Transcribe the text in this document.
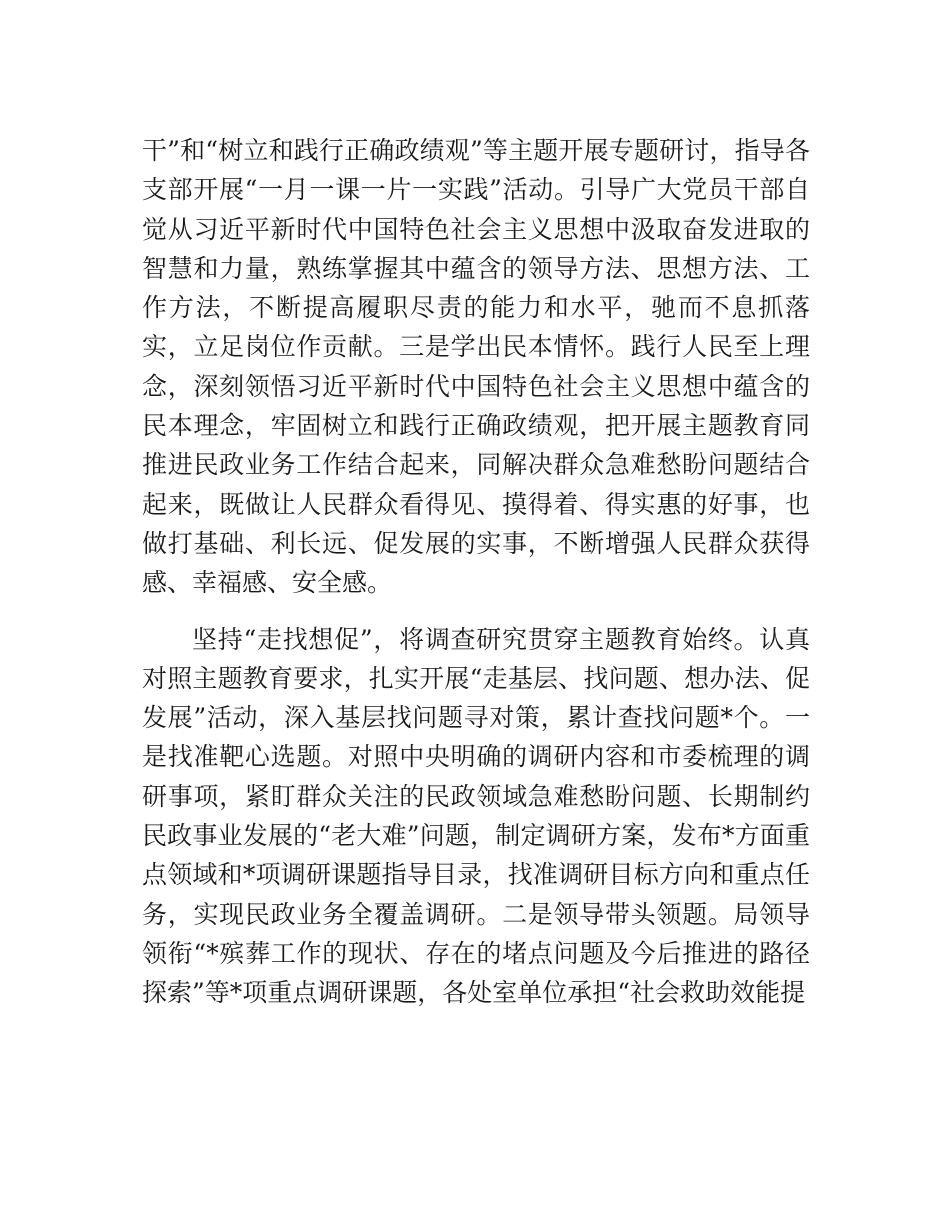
干”和“树立和践行正确政绩观”等主题开展专题研讨，指导各支部开展“一月一课一片一实践”活动。引导广大党员干部自觉从习近平新时代中国特色社会主义思想中汲取奋发进取的智慧和力量，熟练掌握其中蕴含的领导方法、思想方法、工作方法，不断提高履职尽责的能力和水平，驰而不息抓落实，立足岗位作贡献。三是学出民本情怀。践行人民至上理念，深刻领悟习近平新时代中国特色社会主义思想中蕴含的民本理念，牢固树立和践行正确政绩观，把开展主题教育同推进民政业务工作结合起来，同解决群众急难愁盼问题结合起来，既做让人民群众看得见、摸得着、得实惠的好事，也做打基础、利长远、促发展的实事，不断增强人民群众获得感、幸福感、安全感。

坚持“走找想促”，将调查研究贯穿主题教育始终。认真对照主题教育要求，扎实开展“走基层、找问题、想办法、促发展”活动，深入基层找问题寻对策，累计查找问题*个。一是找准靶心选题。对照中央明确的调研内容和市委梳理的调研事项，紧盯群众关注的民政领域急难愁盼问题、长期制约民政事业发展的“老大难”问题，制定调研方案，发布*方面重点领域和*项调研课题指导目录，找准调研目标方向和重点任务，实现民政业务全覆盖调研。二是领导带头领题。局领导领衔“*殡葬工作的现状、存在的堵点问题及今后推进的路径探索”等*项重点调研课题，各处室单位承担“社会救助效能提
